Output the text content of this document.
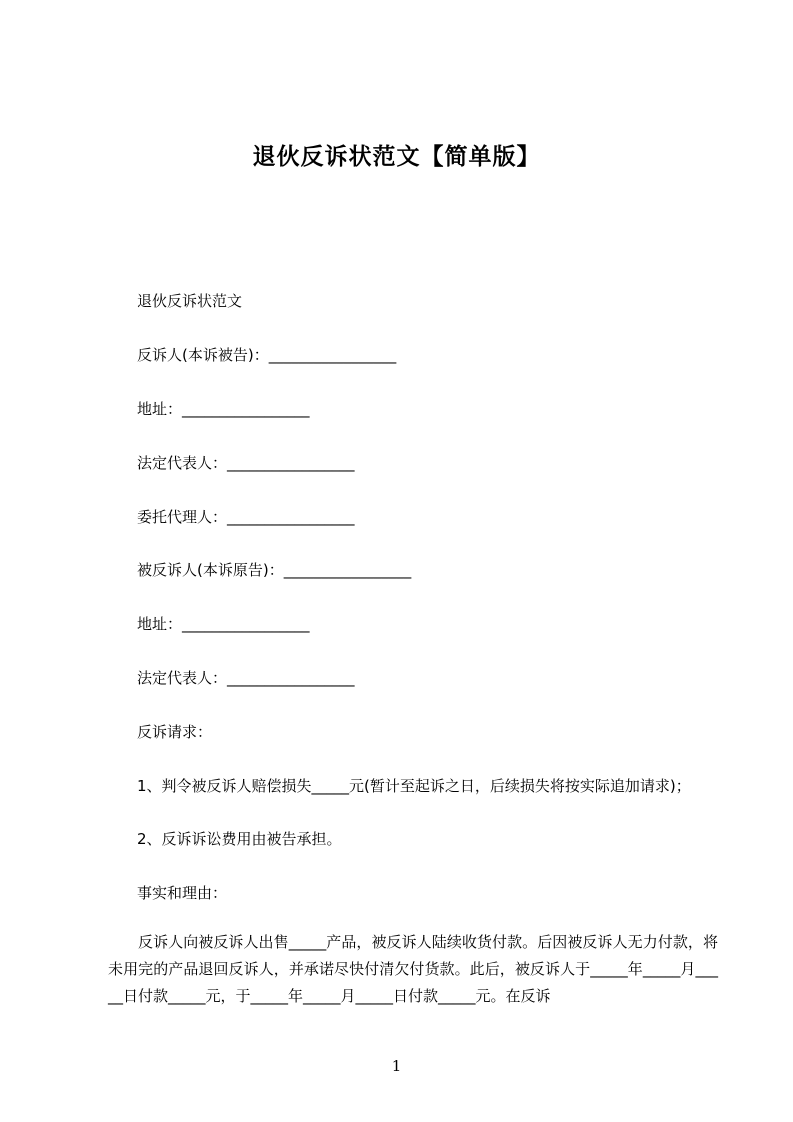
退伙反诉状范文【简单版】
退伙反诉状范文
反诉人(本诉被告)：_________________
地址：_________________
法定代表人：_________________
委托代理人：_________________
被反诉人(本诉原告)：_________________
地址：_________________
法定代表人：_________________
反诉请求：
1、判令被反诉人赔偿损失_____元(暂计至起诉之日，后续损失将按实际追加请求)；
2、反诉诉讼费用由被告承担。
事实和理由：
反诉人向被反诉人出售_____产品，被反诉人陆续收货付款。后因被反诉人无力付款，将未用完的产品退回反诉人，并承诺尽快付清欠付货款。此后，被反诉人于_____年_____月_____日付款_____元，于_____年_____月_____日付款_____元。在反诉
1
